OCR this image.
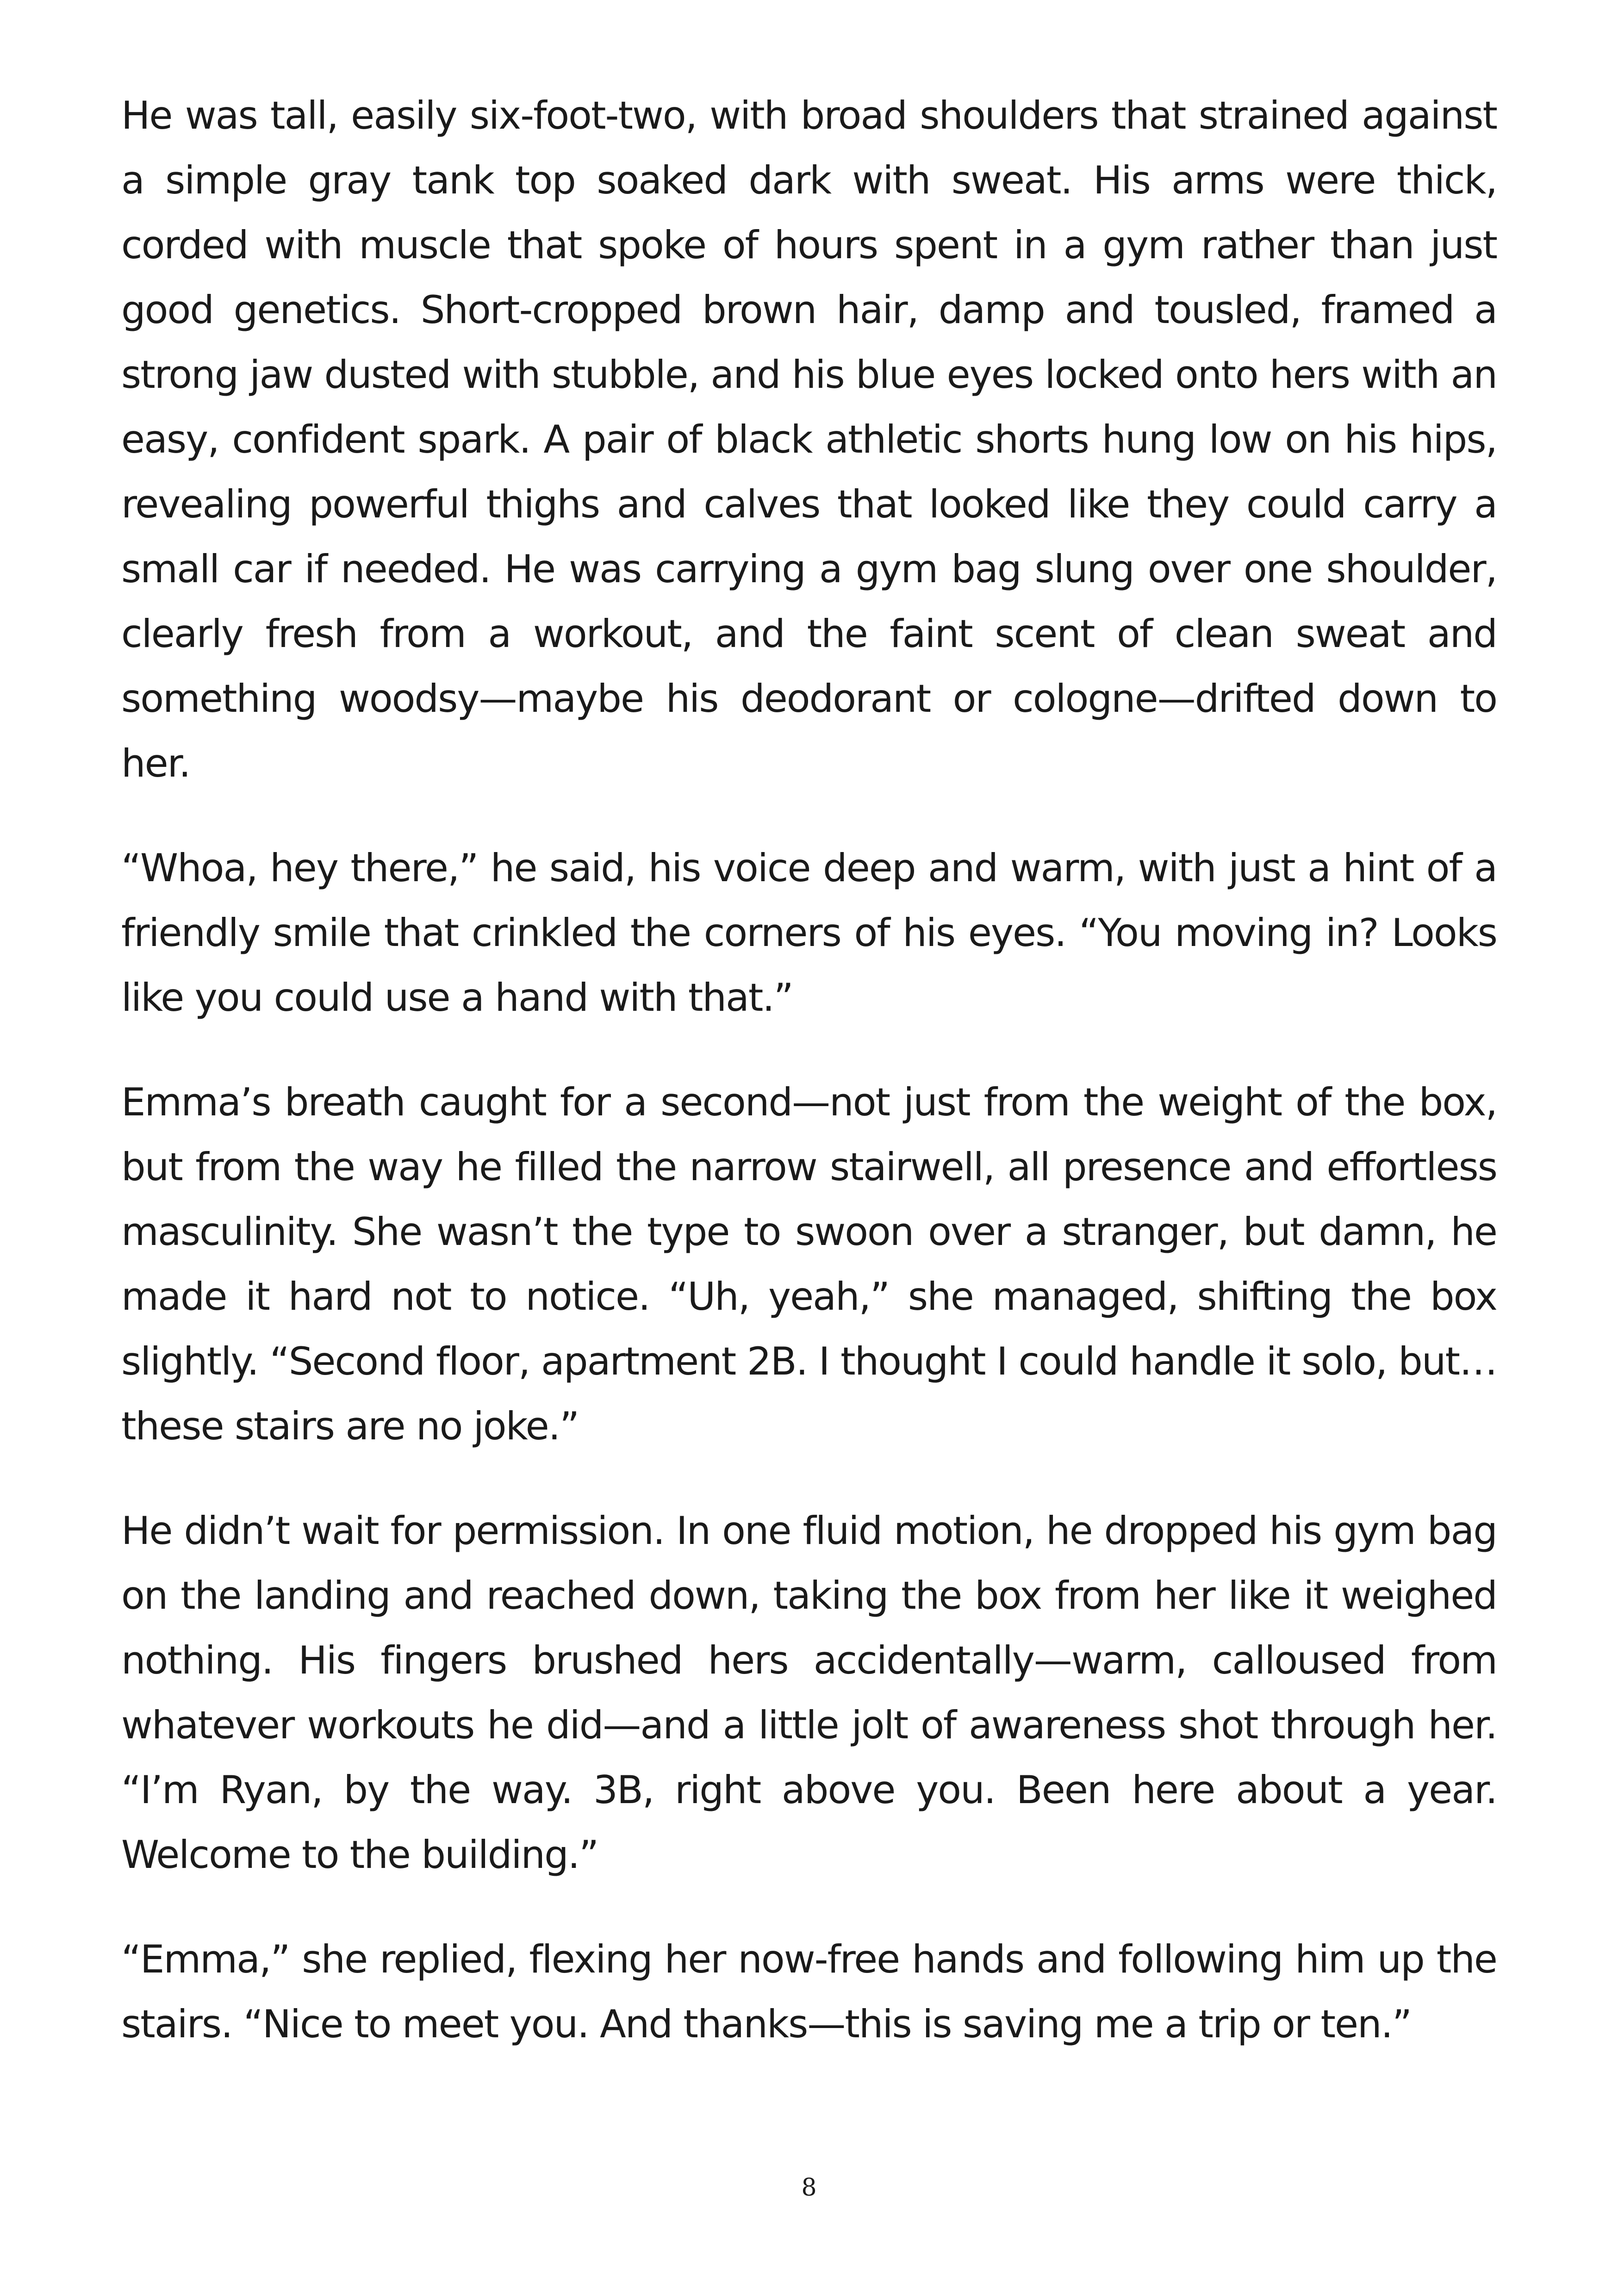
He was tall, easily six-foot-two, with broad shoulders that strained against a simple gray tank top soaked dark with sweat. His arms were thick, corded with muscle that spoke of hours spent in a gym rather than just good genetics. Short-cropped brown hair, damp and tousled, framed a strong jaw dusted with stubble, and his blue eyes locked onto hers with an easy, confident spark. A pair of black athletic shorts hung low on his hips, revealing powerful thighs and calves that looked like they could carry a small car if needed. He was carrying a gym bag slung over one shoulder, clearly fresh from a workout, and the faint scent of clean sweat and something woodsy—maybe his deodorant or cologne—drifted down to her.

“Whoa, hey there,” he said, his voice deep and warm, with just a hint of a friendly smile that crinkled the corners of his eyes. “You moving in? Looks like you could use a hand with that.”

Emma’s breath caught for a second—not just from the weight of the box, but from the way he filled the narrow stairwell, all presence and effortless masculinity. She wasn’t the type to swoon over a stranger, but damn, he made it hard not to notice. “Uh, yeah,” she managed, shifting the box slightly. “Second floor, apartment 2B. I thought I could handle it solo, but… these stairs are no joke.”

He didn’t wait for permission. In one fluid motion, he dropped his gym bag on the landing and reached down, taking the box from her like it weighed nothing. His fingers brushed hers accidentally—warm, calloused from whatever workouts he did—and a little jolt of awareness shot through her. “I’m Ryan, by the way. 3B, right above you. Been here about a year. Welcome to the building.”

“Emma,” she replied, flexing her now-free hands and following him up the stairs. “Nice to meet you. And thanks—this is saving me a trip or ten.”

8
